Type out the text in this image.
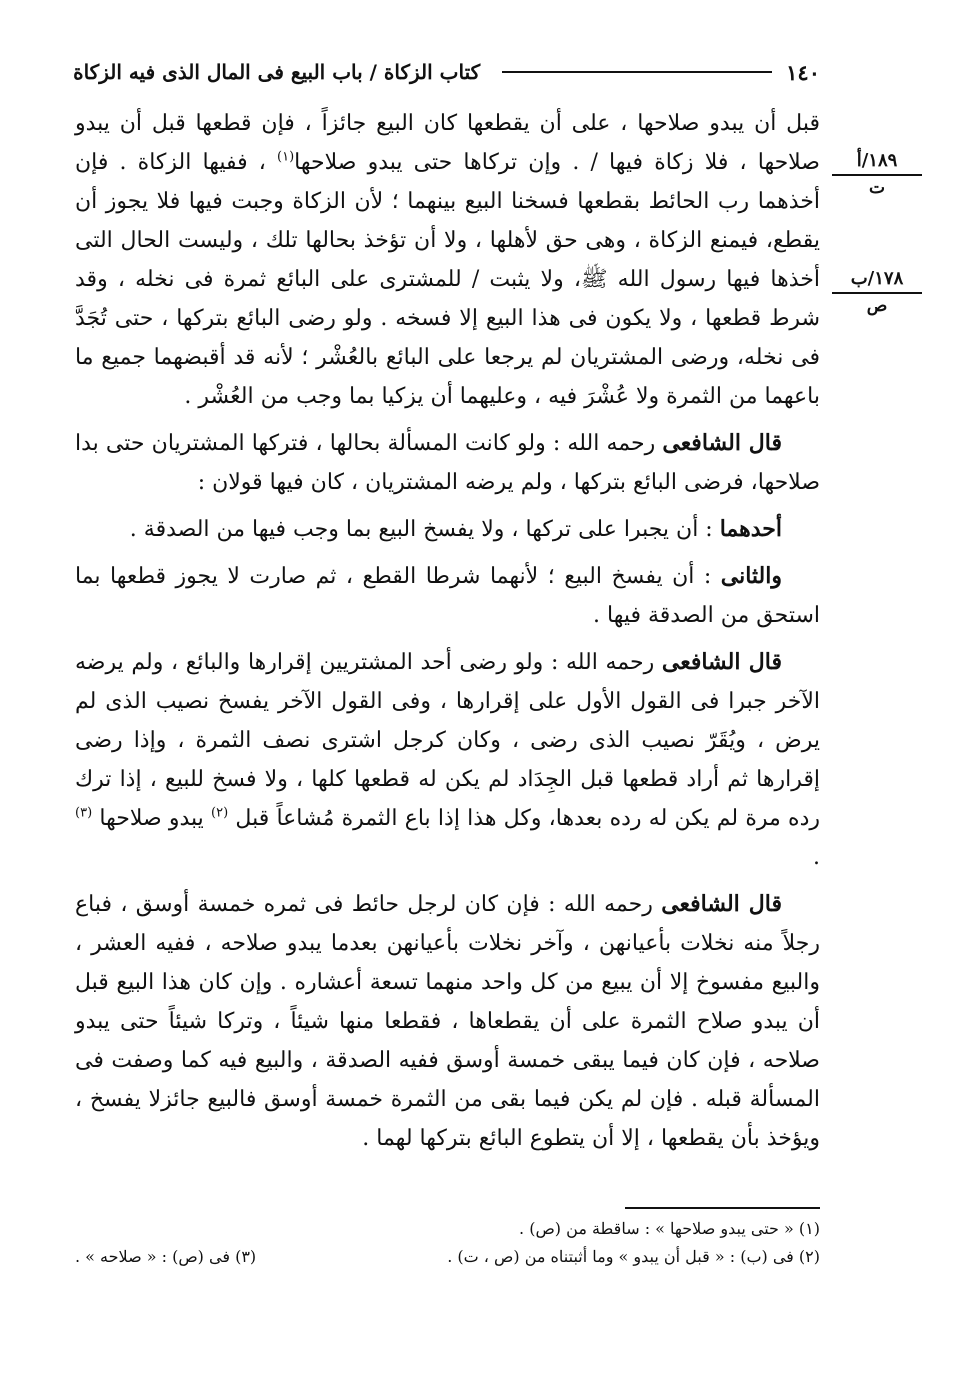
١٤٠
كتاب الزكاة / باب البيع فى المال الذى فيه الزكاة
١٨٩/أ
ت
١٧٨/ب
ص

قبل أن يبدو صلاحها ، على أن يقطعها كان البيع جائزاً ، فإن قطعها قبل أن يبدو صلاحها ، فلا زكاة فيها / . وإن تركاها حتى يبدو صلاحها$^{(١)}$ ، ففيها الزكاة . فإن أخذهما رب الحائط بقطعها فسخنا البيع بينهما ؛ لأن الزكاة وجبت فيها فلا يجوز أن يقطع، فيمنع الزكاة ، وهى حق لأهلها ، ولا أن تؤخذ بحالها تلك ، وليست الحال التى أخذها فيها رسول الله ﷺ، ولا يثبت / للمشترى على البائع ثمرة فى نخله ، وقد شرط قطعها ، ولا يكون فى هذا البيع إلا فسخه . ولو رضى البائع بتركها ، حتى تُجَدَّ فى نخله، ورضى المشتريان لم يرجعا على البائع بالعُشْر ؛ لأنه قد أقبضهما جميع ما باعهما من الثمرة ولا عُشْرَ فيه ، وعليهما أن يزكيا بما وجب من العُشْر .

قال الشافعى رحمه الله : ولو كانت المسألة بحالها ، فتركها المشتريان حتى بدا صلاحها، فرضى البائع بتركها ، ولم يرضه المشتريان ، كان فيها قولان :

أحدهما : أن يجبرا على تركها ، ولا يفسخ البيع بما وجب فيها من الصدقة .

والثانى : أن يفسخ البيع ؛ لأنهما شرطا القطع ، ثم صارت لا يجوز قطعها بما استحق من الصدقة فيها .

قال الشافعى رحمه الله : ولو رضى أحد المشتريين إقرارها والبائع ، ولم يرضه الآخر جبرا فى القول الأول على إقرارها ، وفى القول الآخر يفسخ نصيب الذى لم يرض ، ويُقَرّ نصيب الذى رضى ، وكان كرجل اشترى نصف الثمرة ، وإذا رضى إقرارها ثم أراد قطعها قبل الجِدَاد لم يكن له قطعها كلها ، ولا فسخ للبيع ، إذا ترك رده مرة لم يكن له رده بعدها، وكل هذا إذا باع الثمرة مُشاعاً قبل $^{(٢)}$ يبدو صلاحها $^{(٣)}$ .

قال الشافعى رحمه الله : فإن كان لرجل حائط فى ثمره خمسة أوسق ، فباع رجلاً منه نخلات بأعيانهن ، وآخر نخلات بأعيانهن بعدما يبدو صلاحه ، ففيه العشر ، والبيع مفسوخ إلا أن يبيع من كل واحد منهما تسعة أعشاره . وإن كان هذا البيع قبل أن يبدو صلاح الثمرة على أن يقطعاها ، فقطعا منها شيئاً ، وتركا شيئاً حتى يبدو صلاحه ، فإن كان فيما يبقى خمسة أوسق ففيه الصدقة ، والبيع فيه كما وصفت فى المسألة قبله . فإن لم يكن فيما بقى من الثمرة خمسة أوسق فالبيع جائزلا يفسخ ، ويؤخذ بأن يقطعها ، إلا أن يتطوع البائع بتركها لهما .

(١) « حتى يبدو صلاحها » : ساقطة من (ص) .
(٢) فى (ب) : « قبل أن يبدو » وما أثبتناه من (ص ، ت) .
(٣) فى (ص) : « صلاحه » .
